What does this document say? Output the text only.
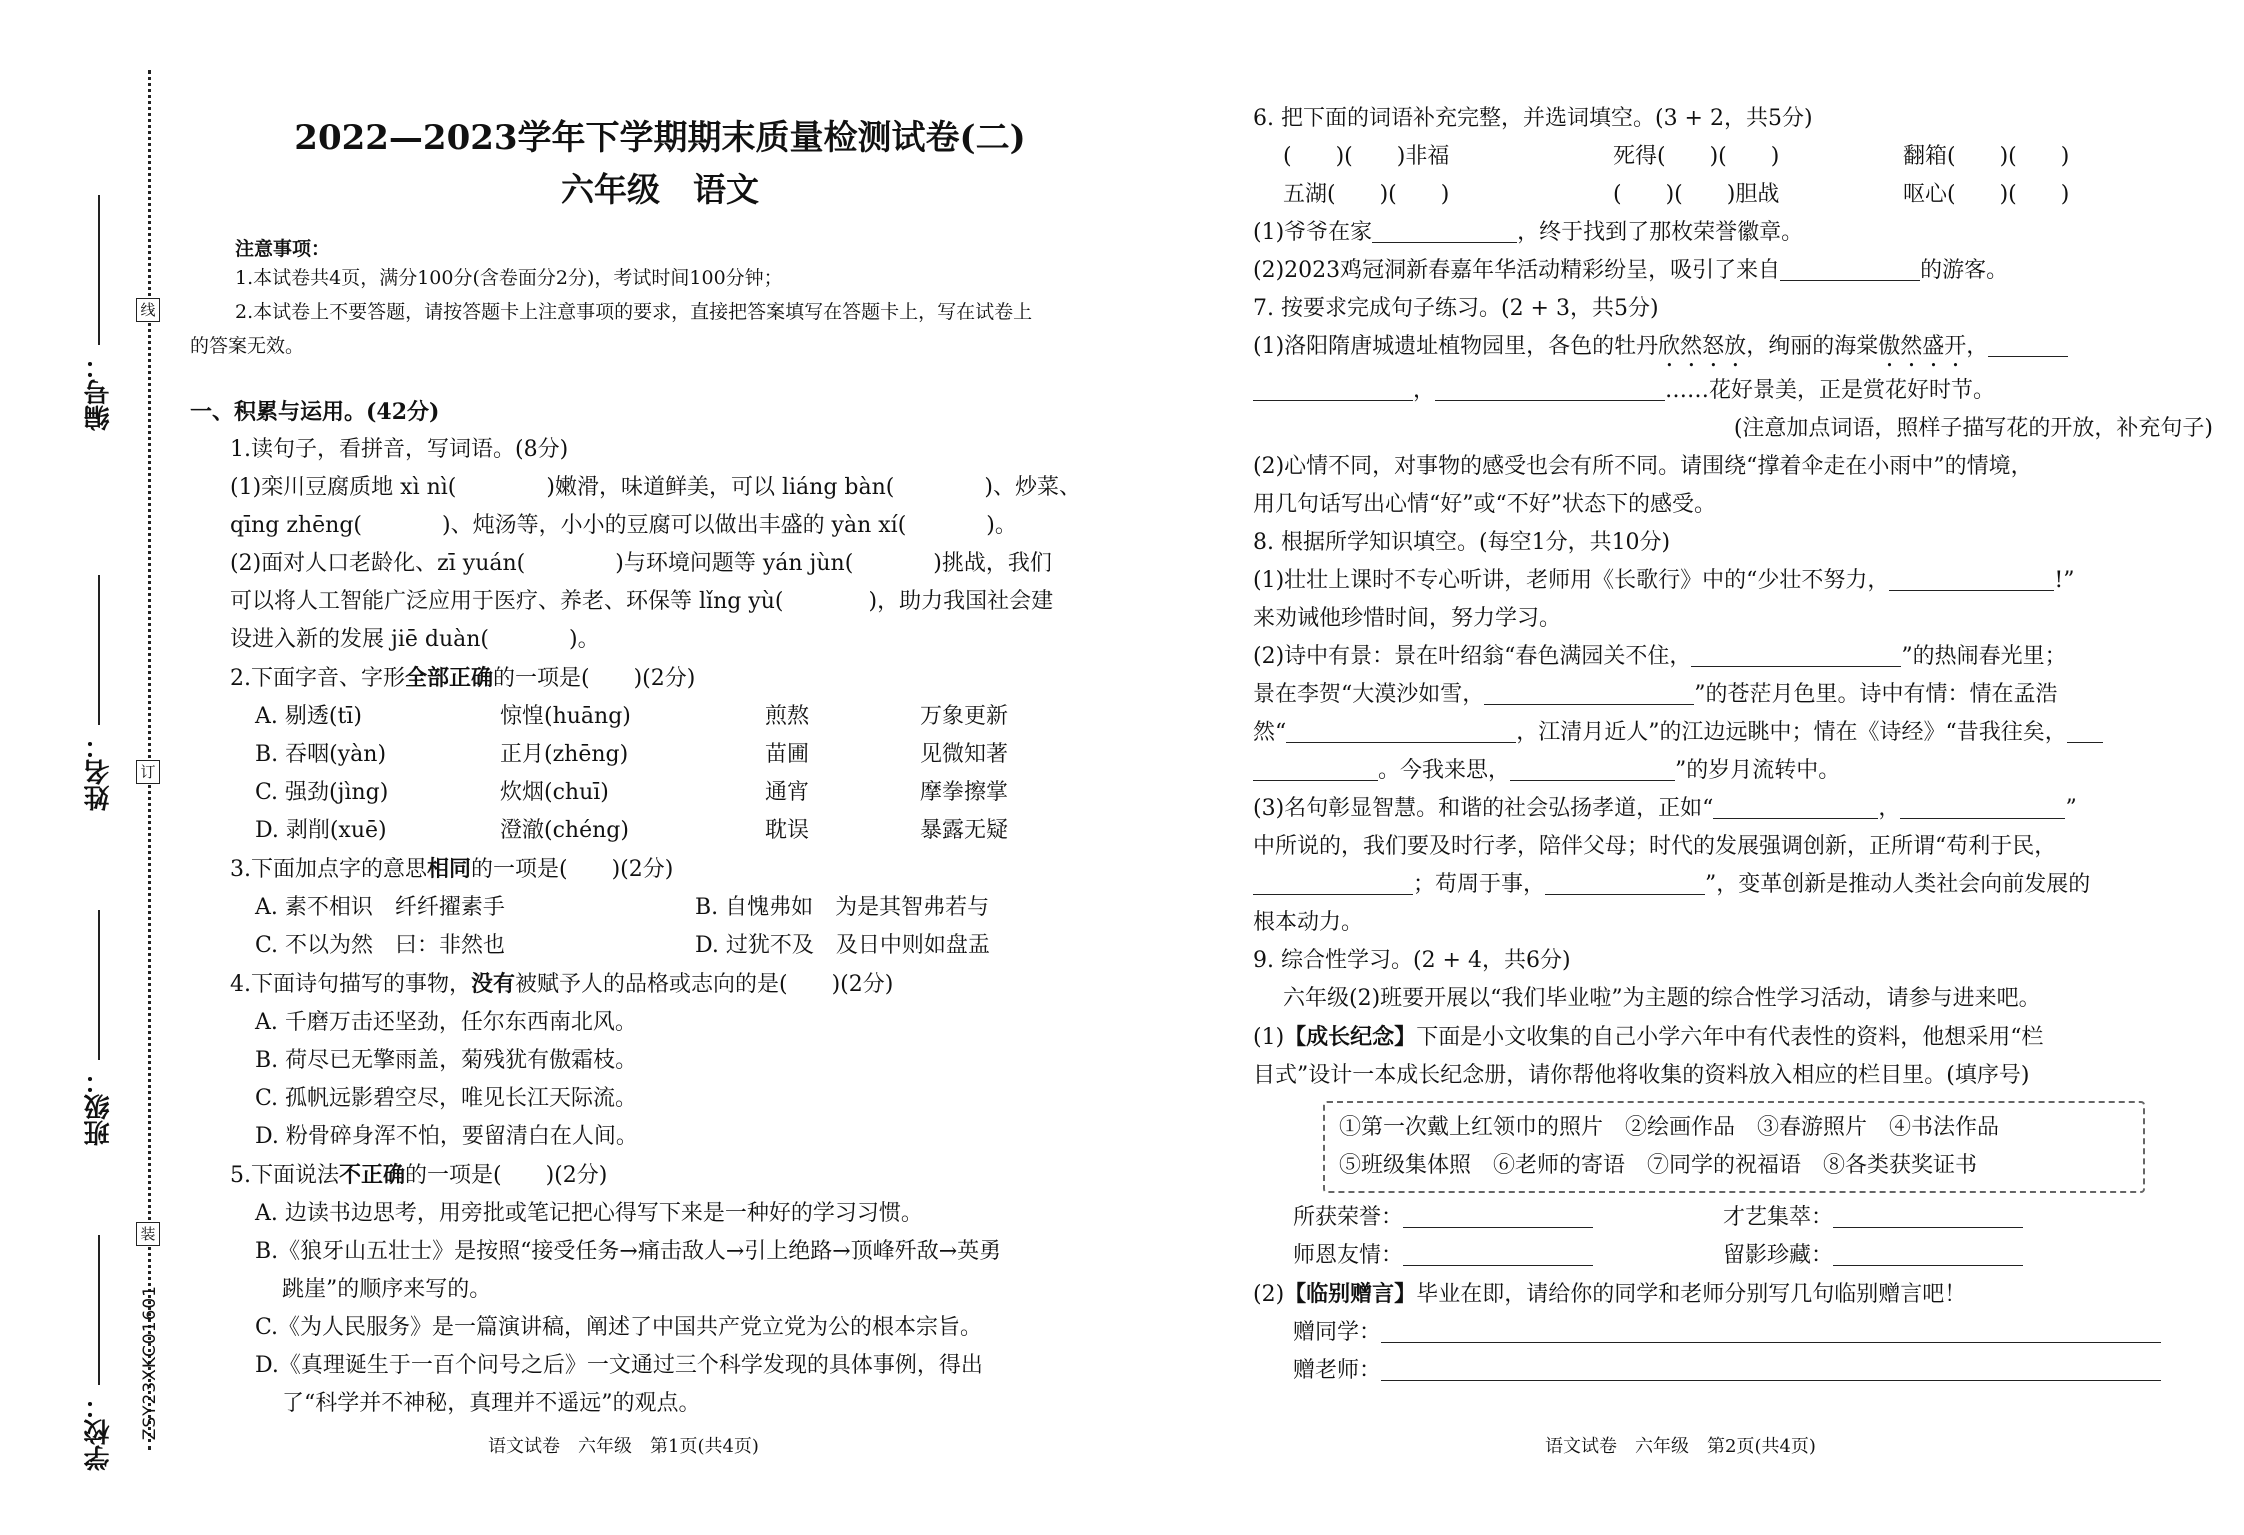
线
订
装
编号：
姓名：
班级：
学校： ZSY23XKC01601
2022—2023学年下学期期末质量检测试卷(二)
六年级　语文
注意事项：
1.本试卷共4页，满分100分(含卷面分2分)，考试时间100分钟；
2.本试卷上不要答题，请按答题卡上注意事项的要求，直接把答案填写在答题卡上，写在试卷上
的答案无效。
一、积累与运用。(42分)
1.读句子，看拼音，写词语。(8分)
(1)栾川豆腐质地 xì nì(	)嫩滑，味道鲜美，可以 liáng bàn(	)、炒菜、
qīng zhēng(	)、炖汤等，小小的豆腐可以做出丰盛的 yàn xí(	)。
(2)面对人口老龄化、zī yuán(	)与环境问题等 yán jùn(	)挑战，我们
可以将人工智能广泛应用于医疗、养老、环保等 lǐng yù(	)，助力我国社会建
设进入新的发展 jiē duàn(	)。
2.下面字音、字形全部正确的一项是(　　)(2分)
A. 剔透(tī)	惊惶(huāng)	煎熬	万象更新
B. 吞咽(yàn)	正月(zhēng)	苗圃	见微知著
C. 强劲(jìng)	炊烟(chuī)	通宵	摩拳擦掌
D. 剥削(xuē)	澄澈(chéng)	耽误	暴露无疑
3.下面加点字的意思相同的一项是(　　)(2分)
A. 素不相识　纤纤擢素手	B. 自愧弗如　为是其智弗若与
C. 不以为然　曰：非然也	D. 过犹不及　及日中则如盘盂
4.下面诗句描写的事物，没有被赋予人的品格或志向的是(　　)(2分)
A. 千磨万击还坚劲，任尔东西南北风。
B. 荷尽已无擎雨盖，菊残犹有傲霜枝。
C. 孤帆远影碧空尽，唯见长江天际流。
D. 粉骨碎身浑不怕，要留清白在人间。
5.下面说法不正确的一项是(　　)(2分)
A. 边读书边思考，用旁批或笔记把心得写下来是一种好的学习习惯。
B.《狼牙山五壮士》是按照“接受任务→痛击敌人→引上绝路→顶峰歼敌→英勇
跳崖”的顺序来写的。
C.《为人民服务》是一篇演讲稿，阐述了中国共产党立党为公的根本宗旨。
D.《真理诞生于一百个问号之后》一文通过三个科学发现的具体事例，得出
了“科学并不神秘，真理并不遥远”的观点。
语文试卷　六年级　第1页(共4页)
6. 把下面的词语补充完整，并选词填空。(3 + 2，共5分)
(　　)(　　)非福	死得(　　)(　　)	翻箱(　　)(　　)
五湖(　　)(　　)	(　　)(　　)胆战	呕心(　　)(　　)
(1)爷爷在家	，终于找到了那枚荣誉徽章。
(2)2023鸡冠洞新春嘉年华活动精彩纷呈，吸引了来自	的游客。
7. 按要求完成句子练习。(2 + 3，共5分)
(1)洛阳隋唐城遗址植物园里，各色的牡丹欣然怒放，绚丽的海棠傲然盛开，
，	……花好景美，正是赏花好时节。
(注意加点词语，照样子描写花的开放，补充句子)
(2)心情不同，对事物的感受也会有所不同。请围绕“撑着伞走在小雨中”的情境，
用几句话写出心情“好”或“不好”状态下的感受。
8. 根据所学知识填空。(每空1分，共10分)
(1)壮壮上课时不专心听讲，老师用《长歌行》中的“少壮不努力，	!”
来劝诫他珍惜时间，努力学习。
(2)诗中有景：景在叶绍翁“春色满园关不住，	”的热闹春光里；
景在李贺“大漠沙如雪，	”的苍茫月色里。诗中有情：情在孟浩
然“	，江清月近人”的江边远眺中；情在《诗经》“昔我往矣，
。今我来思，	”的岁月流转中。
(3)名句彰显智慧。和谐的社会弘扬孝道，正如“	，	”
中所说的，我们要及时行孝，陪伴父母；时代的发展强调创新，正所谓“苟利于民，
；苟周于事，	”，变革创新是推动人类社会向前发展的
根本动力。
9. 综合性学习。(2 + 4，共6分)
六年级(2)班要开展以“我们毕业啦”为主题的综合性学习活动，请参与进来吧。
(1)【成长纪念】下面是小文收集的自己小学六年中有代表性的资料，他想采用“栏
目式”设计一本成长纪念册，请你帮他将收集的资料放入相应的栏目里。(填序号)
①第一次戴上红领巾的照片　②绘画作品　③春游照片　④书法作品
⑤班级集体照　⑥老师的寄语　⑦同学的祝福语　⑧各类获奖证书
所获荣誉：	才艺集萃：
师恩友情：	留影珍藏：
(2)【临别赠言】毕业在即，请给你的同学和老师分别写几句临别赠言吧！
赠同学：
赠老师：
语文试卷　六年级　第2页(共4页)
